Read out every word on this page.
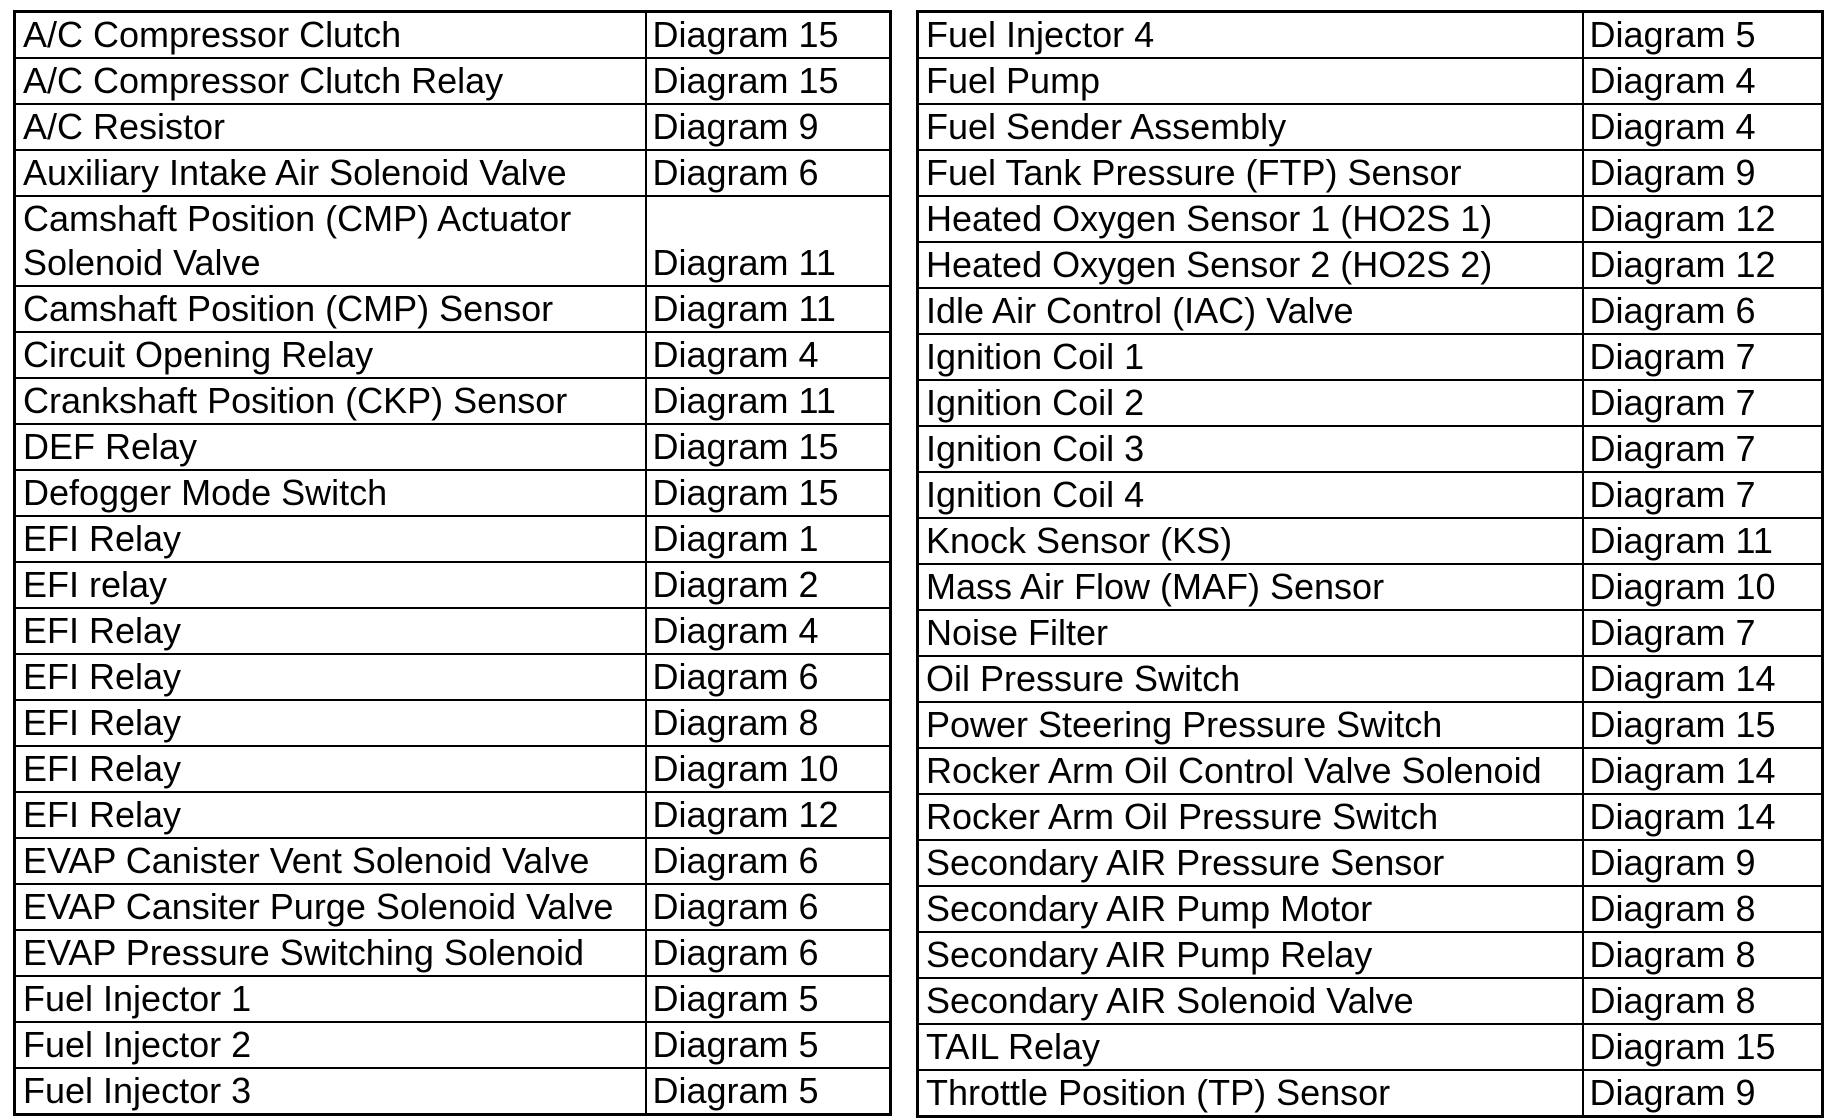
A/C Compressor Clutch	Diagram 15
A/C Compressor Clutch Relay	Diagram 15
A/C Resistor	Diagram 9
Auxiliary Intake Air Solenoid Valve	Diagram 6
Camshaft Position (CMP) Actuator
Solenoid Valve	Diagram 11
Camshaft Position (CMP) Sensor	Diagram 11
Circuit Opening Relay	Diagram 4
Crankshaft Position (CKP) Sensor	Diagram 11
DEF Relay	Diagram 15
Defogger Mode Switch	Diagram 15
EFI Relay	Diagram 1
EFI relay	Diagram 2
EFI Relay	Diagram 4
EFI Relay	Diagram 6
EFI Relay	Diagram 8
EFI Relay	Diagram 10
EFI Relay	Diagram 12
EVAP Canister Vent Solenoid Valve	Diagram 6
EVAP Cansiter Purge Solenoid Valve	Diagram 6
EVAP Pressure Switching Solenoid	Diagram 6
Fuel Injector 1	Diagram 5
Fuel Injector 2	Diagram 5
Fuel Injector 3	Diagram 5
Fuel Injector 4	Diagram 5
Fuel Pump	Diagram 4
Fuel Sender Assembly	Diagram 4
Fuel Tank Pressure (FTP) Sensor	Diagram 9
Heated Oxygen Sensor 1 (HO2S 1)	Diagram 12
Heated Oxygen Sensor 2 (HO2S 2)	Diagram 12
Idle Air Control (IAC) Valve	Diagram 6
Ignition Coil 1	Diagram 7
Ignition Coil 2	Diagram 7
Ignition Coil 3	Diagram 7
Ignition Coil 4	Diagram 7
Knock Sensor (KS)	Diagram 11
Mass Air Flow (MAF) Sensor	Diagram 10
Noise Filter	Diagram 7
Oil Pressure Switch	Diagram 14
Power Steering Pressure Switch	Diagram 15
Rocker Arm Oil Control Valve Solenoid	Diagram 14
Rocker Arm Oil Pressure Switch	Diagram 14
Secondary AIR Pressure Sensor	Diagram 9
Secondary AIR Pump Motor	Diagram 8
Secondary AIR Pump Relay	Diagram 8
Secondary AIR Solenoid Valve	Diagram 8
TAIL Relay	Diagram 15
Throttle Position (TP) Sensor	Diagram 9
